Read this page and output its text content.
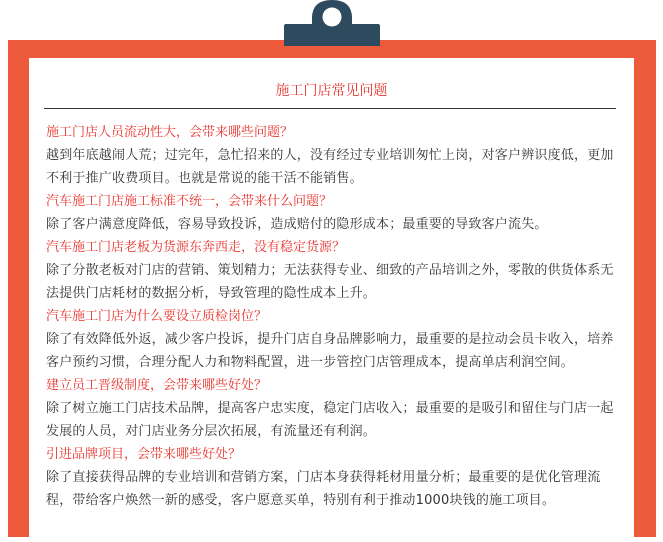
施工门店常见问题
施工门店人员流动性大，会带来哪些问题？
越到年底越闹人荒；过完年，急忙招来的人，没有经过专业培训匆忙上岗，对客户辨识度低，更加不利于推广收费项目。也就是常说的能干活不能销售。
汽车施工门店施工标准不统一，会带来什么问题？
除了客户满意度降低，容易导致投诉，造成赔付的隐形成本；最重要的导致客户流失。
汽车施工门店老板为货源东奔西走，没有稳定货源？
除了分散老板对门店的营销、策划精力；无法获得专业、细致的产品培训之外，零散的供货体系无法提供门店耗材的数据分析，导致管理的隐性成本上升。
汽车施工门店为什么要设立质检岗位？
除了有效降低外返，减少客户投诉，提升门店自身品牌影响力，最重要的是拉动会员卡收入，培养客户预约习惯，合理分配人力和物料配置，进一步管控门店管理成本，提高单店利润空间。
建立员工晋级制度，会带来哪些好处？
除了树立施工门店技术品牌，提高客户忠实度，稳定门店收入；最重要的是吸引和留住与门店一起发展的人员，对门店业务分层次拓展，有流量还有利润。
引进品牌项目，会带来哪些好处？
除了直接获得品牌的专业培训和营销方案，门店本身获得耗材用量分析；最重要的是优化管理流程，带给客户焕然一新的感受，客户愿意买单，特别有利于推动1000块钱的施工项目。
